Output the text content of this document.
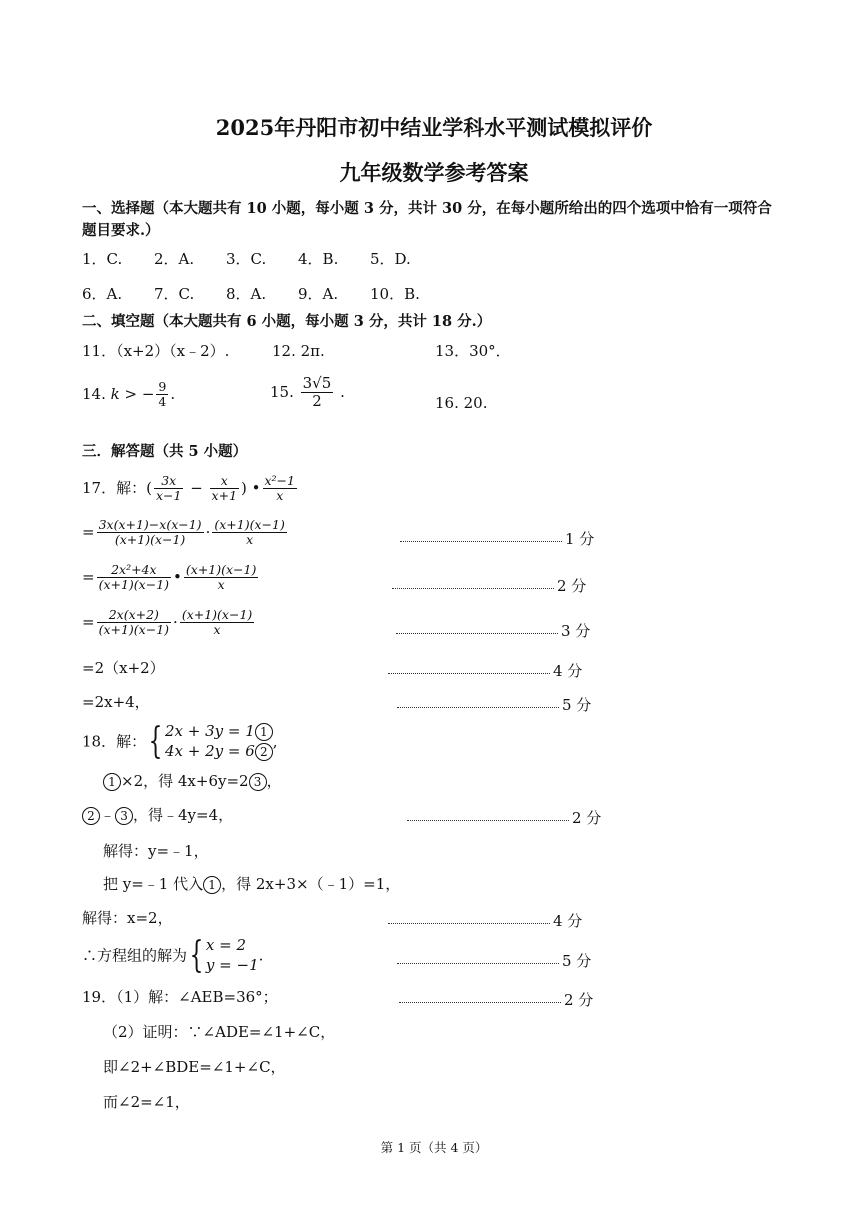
2025年丹阳市初中结业学科水平测试模拟评价
九年级数学参考答案
一、选择题（本大题共有 10 小题，每小题 3 分，共计 30 分，在每小题所给出的四个选项中恰有一项符合
题目要求.）
1．C. 2．A. 3．C. 4．B. 5．D.
6．A. 7．C. 8．A. 9．A. 10．B.
二、填空题（本大题共有 6 小题，每小题 3 分，共计 18 分.）
11．（x+2）（x﹣2）.	12. 2π.	13．30°．
14. k > − $\frac{9}{4}$ .	15. $\frac{3√5}{2}$ .
16. 20.
三．解答题（共 5 小题）
17．解：( $\frac{3x}{x-1} - \frac{x}{x+1}$ ) • $\frac{\text{x²−1}}{x}$
= $\frac{3x(x+1)-x(x-1)}{(x+1)(x-1)} \cdot \frac{(x+1)(x-1)}{x}$	1 分
= $\frac{\text{2x²+4x}}{(x+1)(x-1)}$ • $\frac{(x+1)(x-1)}{x}$	2 分
= $\frac{2x(x+2)}{(x+1)(x-1)} \cdot \frac{(x+1)(x-1)}{x}$	3 分
=2（x+2）	4 分
=2x+4，	5 分
18．解：{ 2x + 3y = 1 1
4x + 2y = 6 2,
1 ×2，得 4x+6y=2 3 ，
2 ﹣ 3 ，得﹣4y=4，	2 分
解得：y=﹣1，
把 y=﹣1 代入 1 ，得 2x+3×（﹣1）=1，
解得：x=2，	4 分
∴方程组的解为{ x = 2
y = −1.	5 分
19．（1）解：∠AEB=36°；	2 分
（2）证明：∵∠ADE=∠1+∠C，
即∠2+∠BDE=∠1+∠C，
而∠2=∠1，
第 1 页（共 4 页）
